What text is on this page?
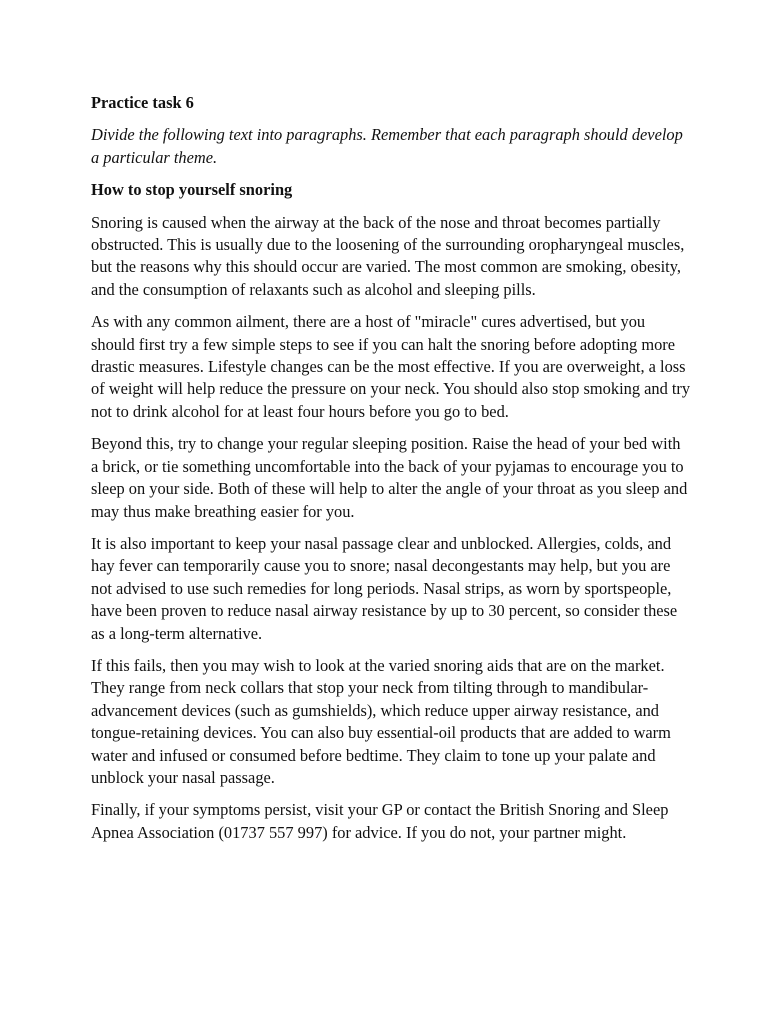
Practice task 6

Divide the following text into paragraphs. Remember that each paragraph should develop a particular theme.

How to stop yourself snoring

Snoring is caused when the airway at the back of the nose and throat becomes partially obstructed. This is usually due to the loosening of the surrounding oropharyngeal muscles, but the reasons why this should occur are varied. The most common are smoking, obesity, and the consumption of relaxants such as alcohol and sleeping pills.

As with any common ailment, there are a host of "miracle" cures advertised, but you should first try a few simple steps to see if you can halt the snoring before adopting more drastic measures. Lifestyle changes can be the most effective. If you are overweight, a loss of weight will help reduce the pressure on your neck. You should also stop smoking and try not to drink alcohol for at least four hours before you go to bed.

Beyond this, try to change your regular sleeping position. Raise the head of your bed with a brick, or tie something uncomfortable into the back of your pyjamas to encourage you to sleep on your side. Both of these will help to alter the angle of your throat as you sleep and may thus make breathing easier for you.

It is also important to keep your nasal passage clear and unblocked. Allergies, colds, and hay fever can temporarily cause you to snore; nasal decongestants may help, but you are not advised to use such remedies for long periods. Nasal strips, as worn by sportspeople, have been proven to reduce nasal airway resistance by up to 30 percent, so consider these as a long-term alternative.

If this fails, then you may wish to look at the varied snoring aids that are on the market. They range from neck collars that stop your neck from tilting through to mandibular-advancement devices (such as gumshields), which reduce upper airway resistance, and tongue-retaining devices. You can also buy essential-oil products that are added to warm water and infused or consumed before bedtime. They claim to tone up your palate and unblock your nasal passage.

Finally, if your symptoms persist, visit your GP or contact the British Snoring and Sleep Apnea Association (01737 557 997) for advice. If you do not, your partner might.
